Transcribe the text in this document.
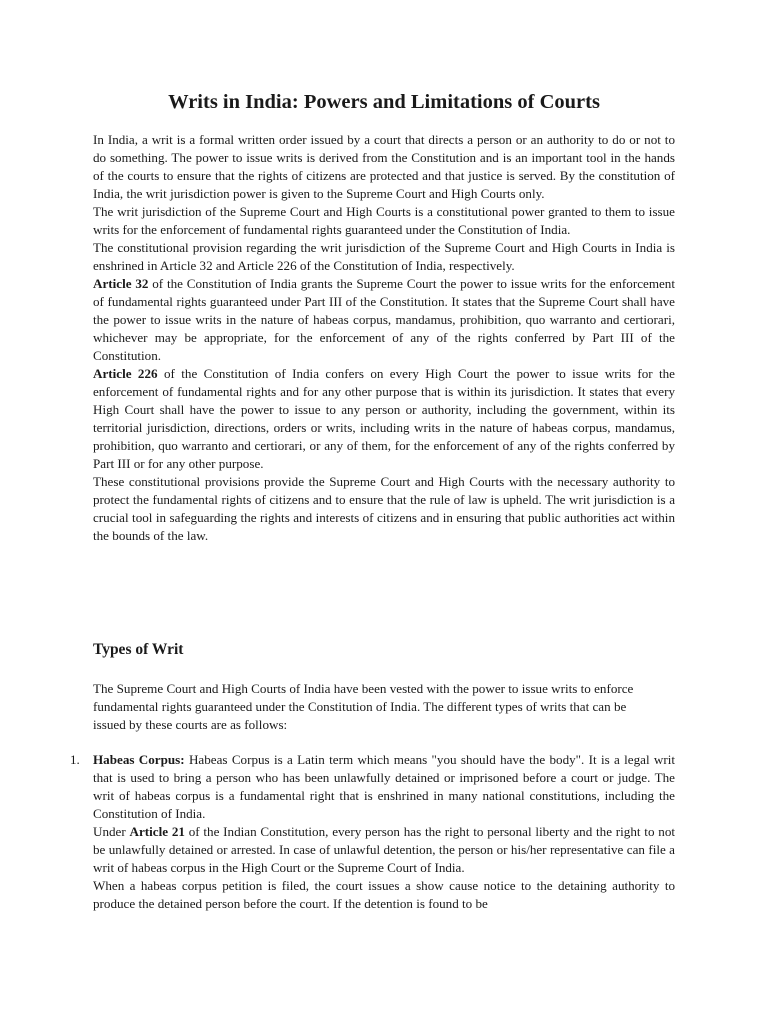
Writs in India: Powers and Limitations of Courts

In India, a writ is a formal written order issued by a court that directs a person or an authority to do or not to do something. The power to issue writs is derived from the Constitution and is an important tool in the hands of the courts to ensure that the rights of citizens are protected and that justice is served. By the constitution of India, the writ jurisdiction power is given to the Supreme Court and High Courts only.

The writ jurisdiction of the Supreme Court and High Courts is a constitutional power granted to them to issue writs for the enforcement of fundamental rights guaranteed under the Constitution of India.

The constitutional provision regarding the writ jurisdiction of the Supreme Court and High Courts in India is enshrined in Article 32 and Article 226 of the Constitution of India, respectively.

Article 32 of the Constitution of India grants the Supreme Court the power to issue writs for the enforcement of fundamental rights guaranteed under Part III of the Constitution. It states that the Supreme Court shall have the power to issue writs in the nature of habeas corpus, mandamus, prohibition, quo warranto and certiorari, whichever may be appropriate, for the enforcement of any of the rights conferred by Part III of the Constitution.

Article 226 of the Constitution of India confers on every High Court the power to issue writs for the enforcement of fundamental rights and for any other purpose that is within its jurisdiction. It states that every High Court shall have the power to issue to any person or authority, including the government, within its territorial jurisdiction, directions, orders or writs, including writs in the nature of habeas corpus, mandamus, prohibition, quo warranto and certiorari, or any of them, for the enforcement of any of the rights conferred by Part III or for any other purpose.

These constitutional provisions provide the Supreme Court and High Courts with the necessary authority to protect the fundamental rights of citizens and to ensure that the rule of law is upheld. The writ jurisdiction is a crucial tool in safeguarding the rights and interests of citizens and in ensuring that public authorities act within the bounds of the law.

Types of Writ

The Supreme Court and High Courts of India have been vested with the power to issue writs to enforce fundamental rights guaranteed under the Constitution of India. The different types of writs that can be issued by these courts are as follows:

1. Habeas Corpus: Habeas Corpus is a Latin term which means "you should have the body". It is a legal writ that is used to bring a person who has been unlawfully detained or imprisoned before a court or judge. The writ of habeas corpus is a fundamental right that is enshrined in many national constitutions, including the Constitution of India.

Under Article 21 of the Indian Constitution, every person has the right to personal liberty and the right to not be unlawfully detained or arrested. In case of unlawful detention, the person or his/her representative can file a writ of habeas corpus in the High Court or the Supreme Court of India.

When a habeas corpus petition is filed, the court issues a show cause notice to the detaining authority to produce the detained person before the court. If the detention is found to be
